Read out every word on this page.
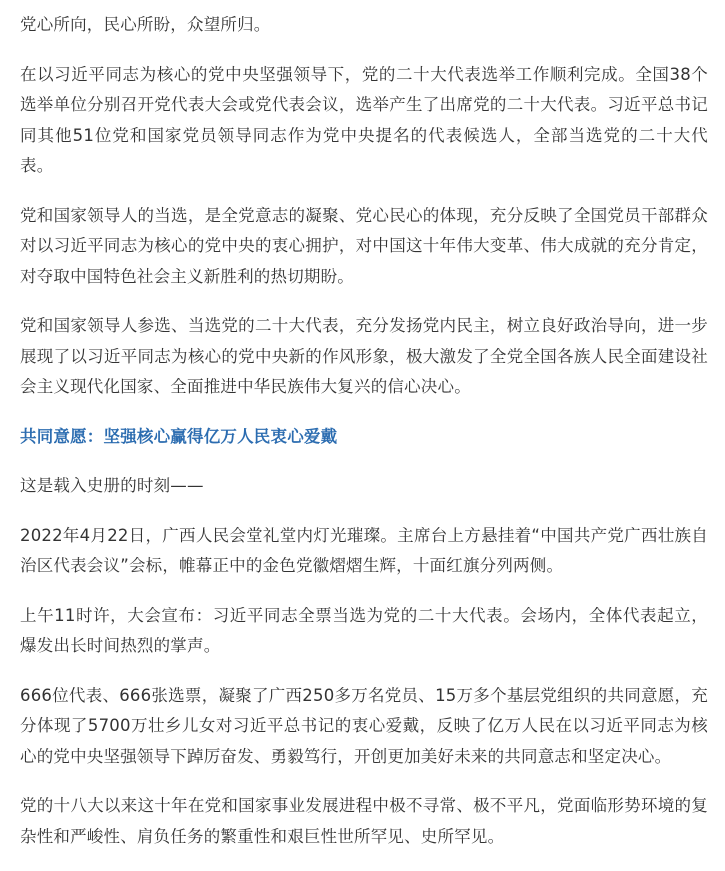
党心所向，民心所盼，众望所归。

在以习近平同志为核心的党中央坚强领导下，党的二十大代表选举工作顺利完成。全国38个选举单位分别召开党代表大会或党代表会议，选举产生了出席党的二十大代表。习近平总书记同其他51位党和国家党员领导同志作为党中央提名的代表候选人，全部当选党的二十大代表。

党和国家领导人的当选，是全党意志的凝聚、党心民心的体现，充分反映了全国党员干部群众对以习近平同志为核心的党中央的衷心拥护，对中国这十年伟大变革、伟大成就的充分肯定，对夺取中国特色社会主义新胜利的热切期盼。

党和国家领导人参选、当选党的二十大代表，充分发扬党内民主，树立良好政治导向，进一步展现了以习近平同志为核心的党中央新的作风形象，极大激发了全党全国各族人民全面建设社会主义现代化国家、全面推进中华民族伟大复兴的信心决心。

共同意愿：坚强核心赢得亿万人民衷心爱戴

这是载入史册的时刻——

2022年4月22日，广西人民会堂礼堂内灯光璀璨。主席台上方悬挂着“中国共产党广西壮族自治区代表会议”会标，帷幕正中的金色党徽熠熠生辉，十面红旗分列两侧。

上午11时许，大会宣布：习近平同志全票当选为党的二十大代表。会场内，全体代表起立，爆发出长时间热烈的掌声。

666位代表、666张选票，凝聚了广西250多万名党员、15万多个基层党组织的共同意愿，充分体现了5700万壮乡儿女对习近平总书记的衷心爱戴，反映了亿万人民在以习近平同志为核心的党中央坚强领导下踔厉奋发、勇毅笃行，开创更加美好未来的共同意志和坚定决心。

党的十八大以来这十年在党和国家事业发展进程中极不寻常、极不平凡，党面临形势环境的复杂性和严峻性、肩负任务的繁重性和艰巨性世所罕见、史所罕见。
